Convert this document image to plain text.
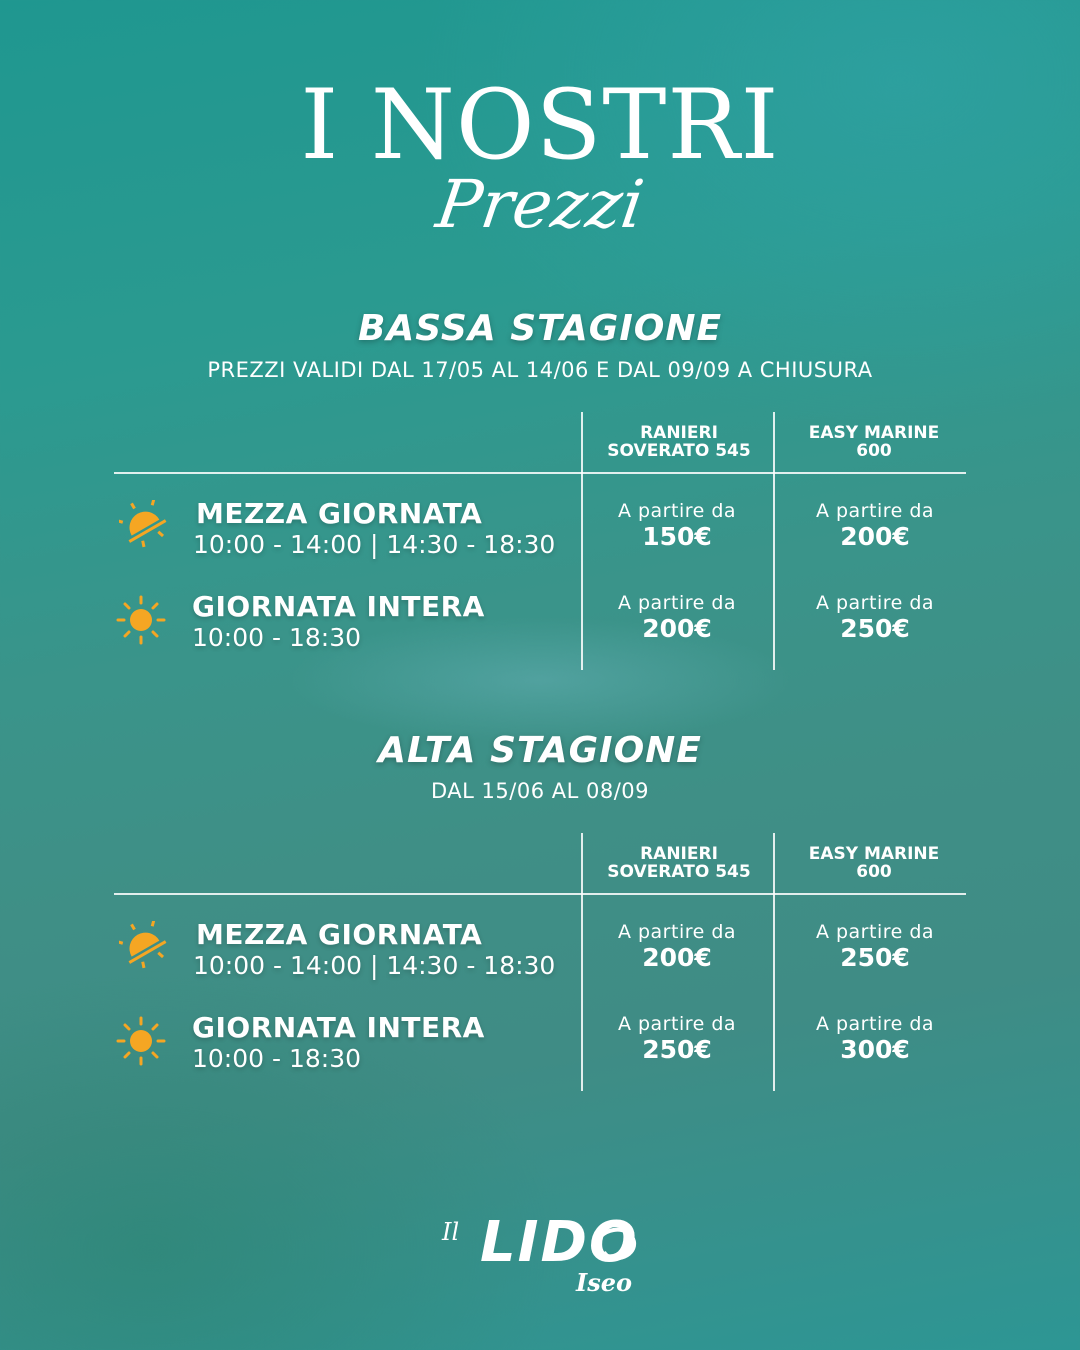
I NOSTRI
Prezzi
BASSA STAGIONE
PREZZI VALIDI DAL 17/05 AL 14/06 E DAL 09/09 A CHIUSURA
RANIERI
SOVERATO 545
EASY MARINE
600
MEZZA GIORNATA
10:00 - 14:00 | 14:30 - 18:30
A partire da
150€
A partire da
200€
GIORNATA INTERA
10:00 - 18:30
A partire da
200€
A partire da
250€
ALTA STAGIONE
DAL 15/06 AL 08/09
RANIERI
SOVERATO 545
EASY MARINE
600
MEZZA GIORNATA
10:00 - 14:00 | 14:30 - 18:30
A partire da
200€
A partire da
250€
GIORNATA INTERA
10:00 - 18:30
A partire da
250€
A partire da
300€
Il LIDO
Iseo
